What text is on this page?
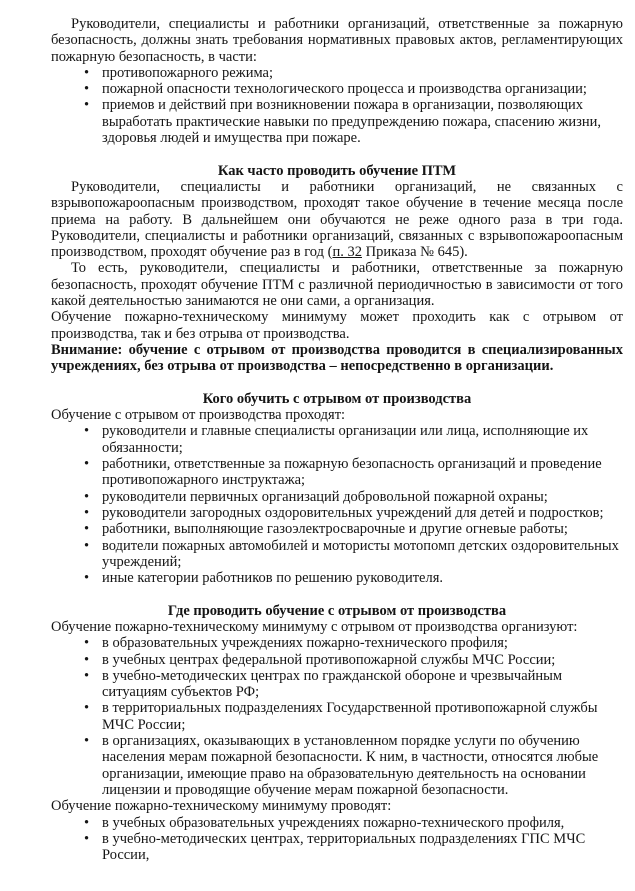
Руководители, специалисты и работники организаций, ответственные за пожарную безопасность, должны знать требования нормативных правовых актов, регламентирующих пожарную безопасность, в части:

• противопожарного режима;
• пожарной опасности технологического процесса и производства организации;
• приемов и действий при возникновении пожара в организации, позволяющих выработать практические навыки по предупреждению пожара, спасению жизни, здоровья людей и имущества при пожаре.
Как часто проводить обучение ПТМ

Руководители, специалисты и работники организаций, не связанных с взрывопожароопасным производством, проходят такое обучение в течение месяца после приема на работу. В дальнейшем они обучаются не реже одного раза в три года. Руководители, специалисты и работники организаций, связанных с взрывопожароопасным производством, проходят обучение раз в год (п. 32 Приказа № 645).

То есть, руководители, специалисты и работники, ответственные за пожарную безопасность, проходят обучение ПТМ с различной периодичностью в зависимости от того какой деятельностью занимаются не они сами, а организация.

Обучение пожарно-техническому минимуму может проходить как с отрывом от производства, так и без отрыва от производства.

Внимание: обучение с отрывом от производства проводится в специализированных учреждениях, без отрыва от производства – непосредственно в организации.

Кого обучить с отрывом от производства

Обучение с отрывом от производства проходят:

• руководители и главные специалисты организации или лица, исполняющие их обязанности;
• работники, ответственные за пожарную безопасность организаций и проведение противопожарного инструктажа;
• руководители первичных организаций добровольной пожарной охраны;
• руководители загородных оздоровительных учреждений для детей и подростков;
• работники, выполняющие газоэлектросварочные и другие огневые работы;
• водители пожарных автомобилей и мотористы мотопомп детских оздоровительных учреждений;
• иные категории работников по решению руководителя.
Где проводить обучение с отрывом от производства

Обучение пожарно-техническому минимуму с отрывом от производства организуют:

• в образовательных учреждениях пожарно-технического профиля;
• в учебных центрах федеральной противопожарной службы МЧС России;
• в учебно-методических центрах по гражданской обороне и чрезвычайным ситуациям субъектов РФ;
• в территориальных подразделениях Государственной противопожарной службы МЧС России;
• в организациях, оказывающих в установленном порядке услуги по обучению населения мерам пожарной безопасности. К ним, в частности, относятся любые организации, имеющие право на образовательную деятельность на основании лицензии и проводящие обучение мерам пожарной безопасности.

Обучение пожарно-техническому минимуму проводят:

• в учебных образовательных учреждениях пожарно-технического профиля,
• в учебно-методических центрах, территориальных подразделениях ГПС МЧС России,
